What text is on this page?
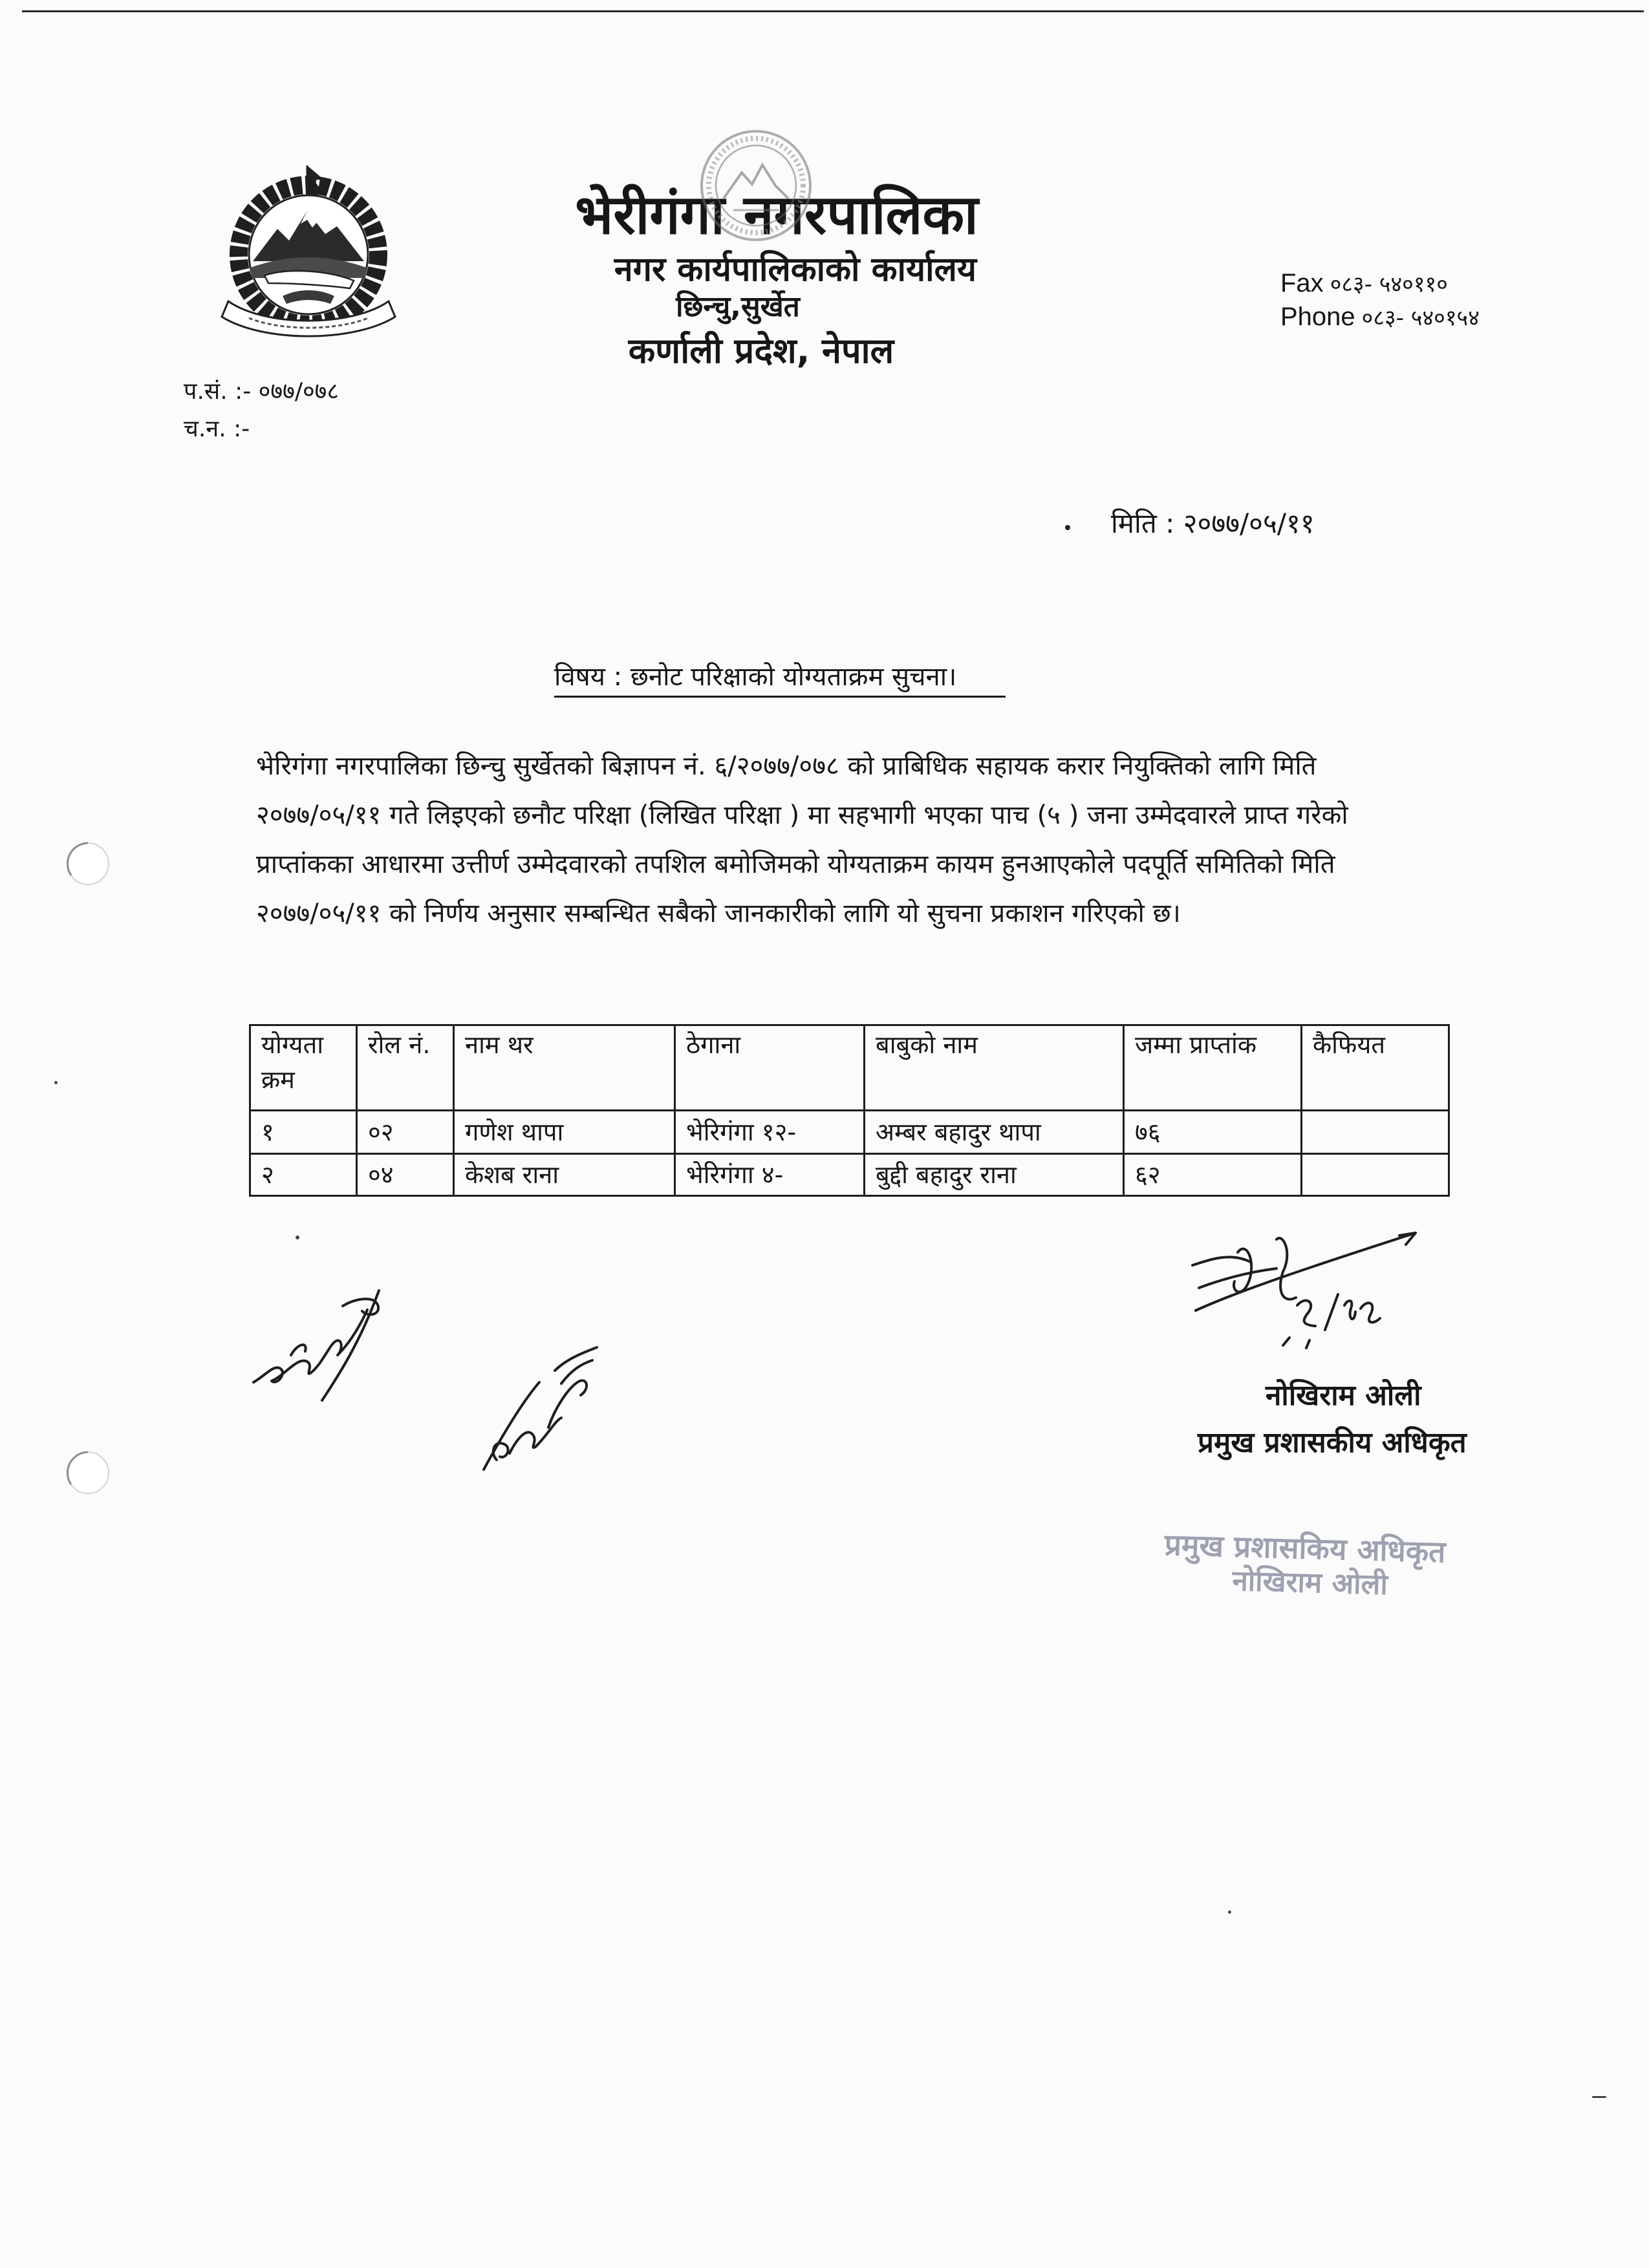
भेरीगंगा नगरपालिका
नगर कार्यपालिकाको कार्यालय
छिन्चु,सुर्खेत
कर्णाली प्रदेश, नेपाल
Fax ०८३- ५४०११०
Phone ०८३- ५४०१५४
प.सं. :- ०७७/०७८
च.न. :-
मिति : २०७७/०५/११
विषय : छनोट परिक्षाको योग्यताक्रम सुचना।
भेरिगंगा नगरपालिका छिन्चु सुर्खेतको बिज्ञापन नं. ६/२०७७/०७८ को प्राबिधिक सहायक करार नियुक्तिको लागि मिति
२०७७/०५/११ गते लिइएको छनौट परिक्षा (लिखित परिक्षा ) मा सहभागी भएका पाच (५ ) जना उम्मेदवारले प्राप्त गरेको
प्राप्तांकका आधारमा उत्तीर्ण उम्मेदवारको तपशिल बमोजिमको योग्यताक्रम कायम हुनआएकोले पदपूर्ति समितिको मिति
२०७७/०५/११ को निर्णय अनुसार सम्बन्धित सबैको जानकारीको लागि यो सुचना प्रकाशन गरिएको छ।
योग्यता क्रम	रोल नं.	नाम थर	ठेगाना	बाबुको नाम	जम्मा प्राप्तांक	कैफियत
१	०२	गणेश थापा	भेरिगंगा १२-	अम्बर बहादुर थापा	७६	
२	०४	केशब राना	भेरिगंगा ४-	बुद्दी बहादुर राना	६२	
नोखिराम ओली
प्रमुख प्रशासकीय अधिकृत
प्रमुख प्रशासकिय अधिकृत
नोखिराम ओली
